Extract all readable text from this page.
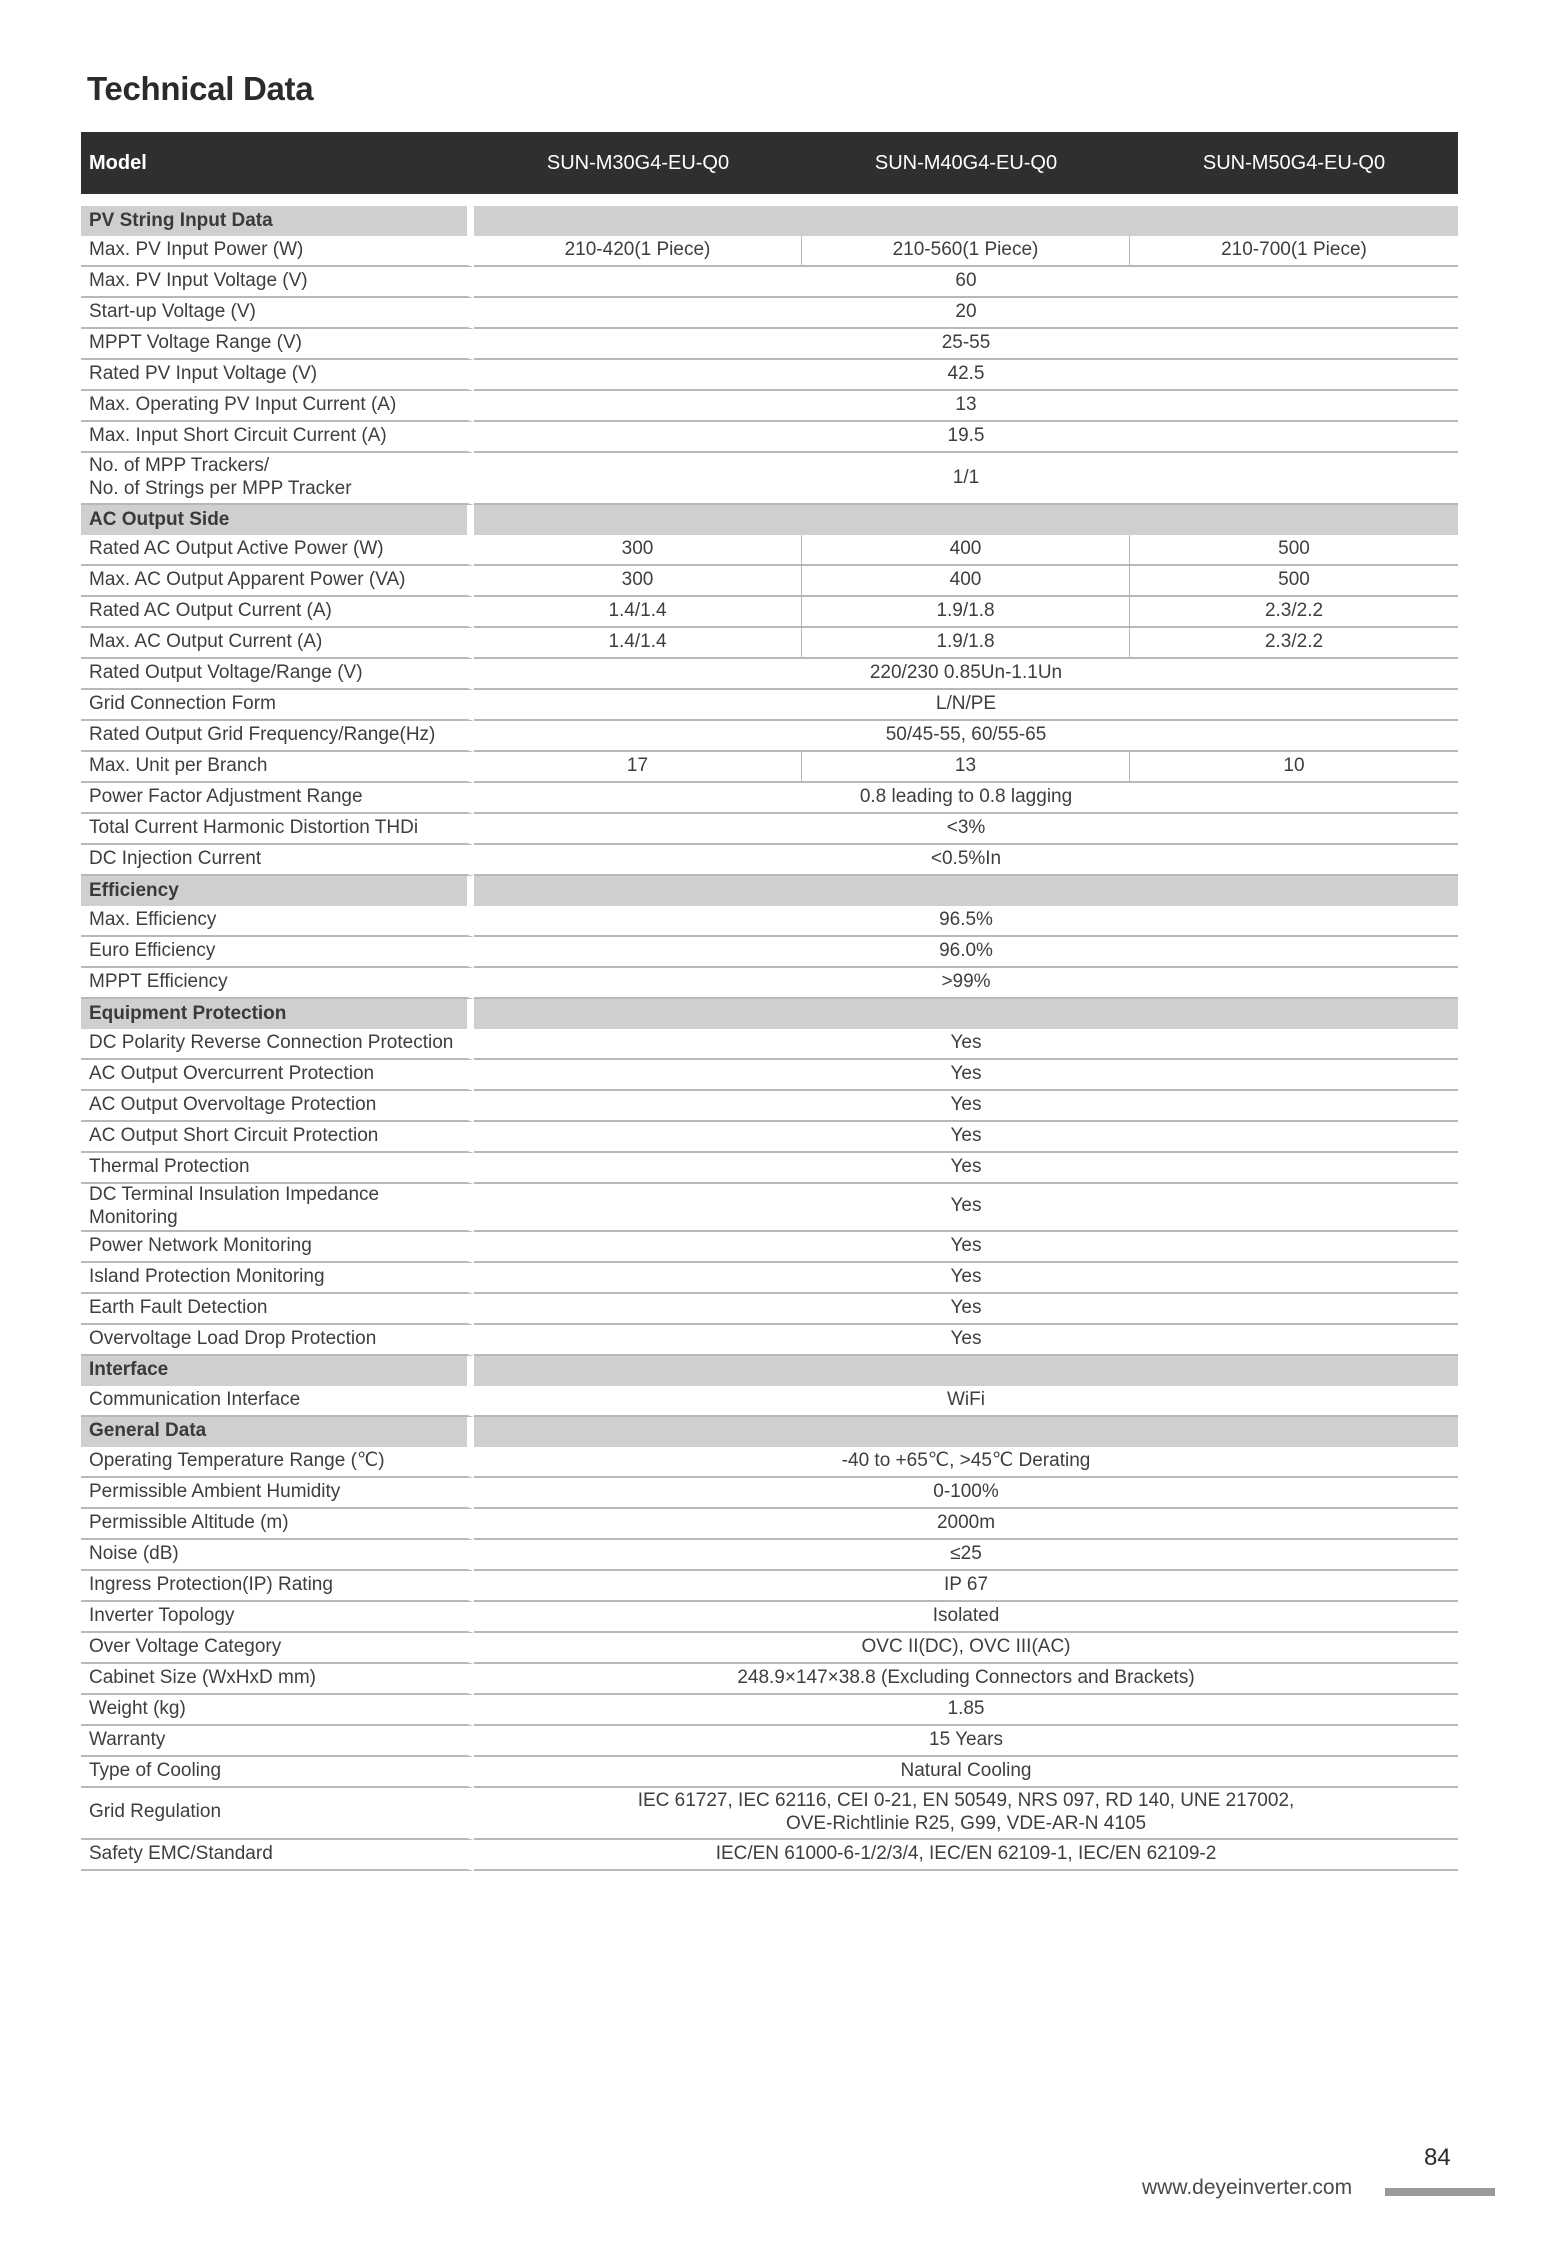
Technical Data
Model	SUN-M30G4-EU-Q0	SUN-M40G4-EU-Q0	SUN-M50G4-EU-Q0

PV String Input Data			

Max. PV Input Power (W)	210-420(1 Piece)	210-560(1 Piece)	210-700(1 Piece)

Max. PV Input Voltage (V)	60		

Start-up Voltage (V)	20		

MPPT Voltage Range (V)	25-55		

Rated PV Input Voltage (V)	42.5		

Max. Operating PV Input Current (A)	13		

Max. Input Short Circuit Current (A)	19.5		

No. of MPP Trackers/
No. of Strings per MPP Tracker	1/1		

AC Output Side			

Rated AC Output Active Power (W)	300	400	500

Max. AC Output Apparent Power (VA)	300	400	500

Rated AC Output Current (A)	1.4/1.4	1.9/1.8	2.3/2.2

Max. AC Output Current (A)	1.4/1.4	1.9/1.8	2.3/2.2

Rated Output Voltage/Range (V)	220/230 0.85Un-1.1Un		

Grid Connection Form	L/N/PE		

Rated Output Grid Frequency/Range(Hz)	50/45-55, 60/55-65		

Max. Unit per Branch	17	13	10

Power Factor Adjustment Range	0.8 leading to 0.8 lagging		

Total Current Harmonic Distortion THDi	<3%		

DC Injection Current	<0.5%In		

Efficiency			

Max. Efficiency	96.5%		

Euro Efficiency	96.0%		

MPPT Efficiency	>99%		

Equipment Protection			

DC Polarity Reverse Connection Protection	Yes		

AC Output Overcurrent Protection	Yes		

AC Output Overvoltage Protection	Yes		

AC Output Short Circuit Protection	Yes		

Thermal Protection	Yes		

DC Terminal Insulation Impedance Monitoring	Yes		

Power Network Monitoring	Yes		

Island Protection Monitoring	Yes		

Earth Fault Detection	Yes		

Overvoltage Load Drop Protection	Yes		

Interface			

Communication Interface	WiFi		

General Data			

Operating Temperature Range (℃)	-40 to +65℃, >45℃ Derating		

Permissible Ambient Humidity	0-100%		

Permissible Altitude (m)	2000m		

Noise (dB)	≤25		

Ingress Protection(IP) Rating	IP 67		

Inverter Topology	Isolated		

Over Voltage Category	OVC II(DC), OVC III(AC)		

Cabinet Size (WxHxD mm)	248.9×147×38.8 (Excluding Connectors and Brackets)		

Weight (kg)	1.85		

Warranty	15 Years		

Type of Cooling	Natural Cooling		

Grid Regulation	IEC 61727, IEC 62116, CEI 0-21, EN 50549, NRS 097, RD 140, UNE 217002,
OVE-Richtlinie R25, G99, VDE-AR-N 4105		

Safety EMC/Standard	IEC/EN 61000-6-1/2/3/4, IEC/EN 62109-1, IEC/EN 62109-2		
84
www.deyeinverter.com
